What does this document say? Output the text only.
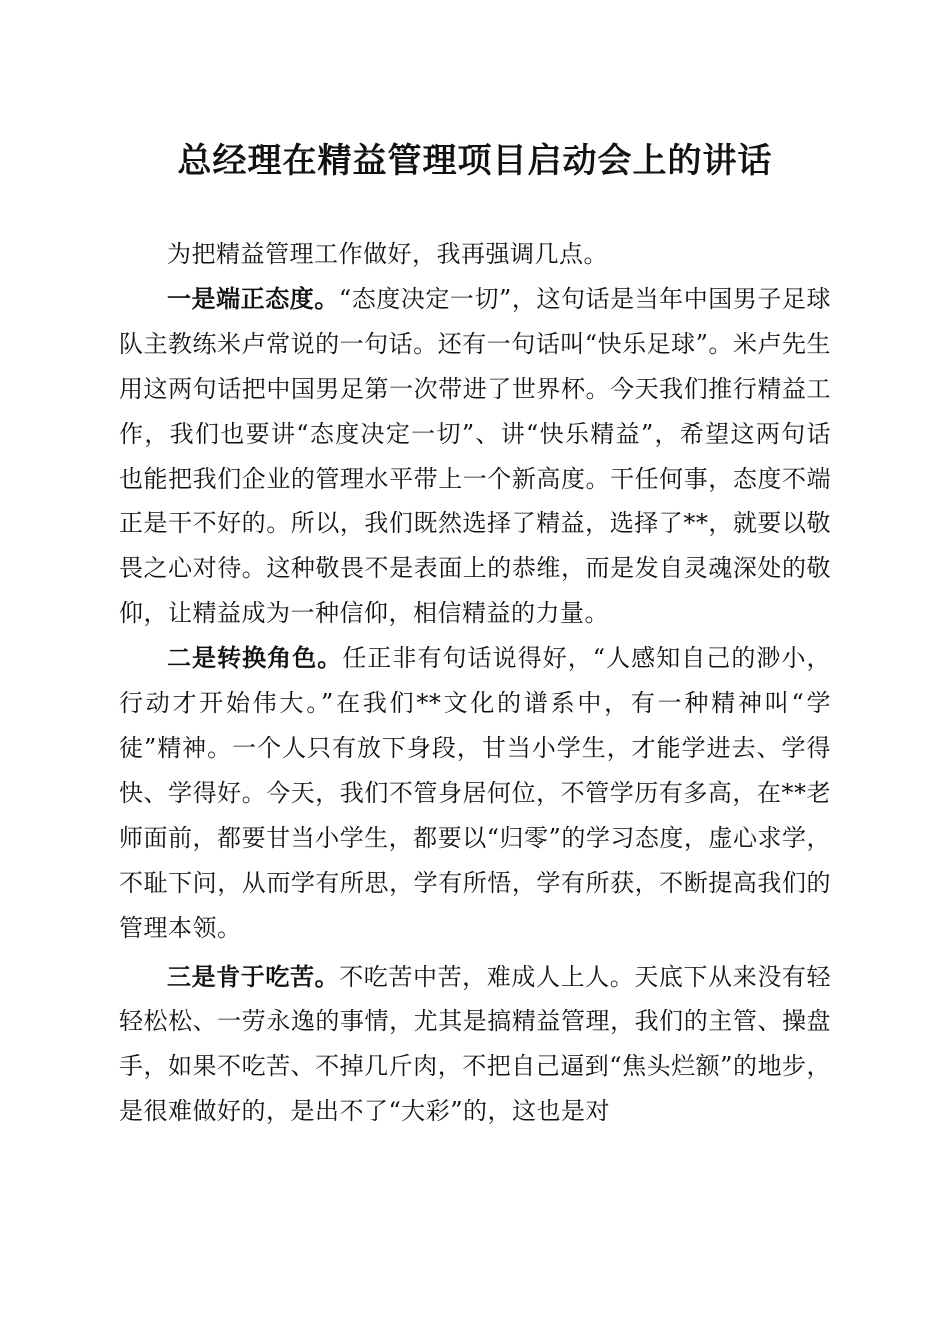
总经理在精益管理项目启动会上的讲话

为把精益管理工作做好，我再强调几点。

一是端正态度。“态度决定一切”，这句话是当年中国男子足球队主教练米卢常说的一句话。还有一句话叫“快乐足球”。米卢先生用这两句话把中国男足第一次带进了世界杯。今天我们推行精益工作，我们也要讲“态度决定一切”、讲“快乐精益”，希望这两句话也能把我们企业的管理水平带上一个新高度。干任何事，态度不端正是干不好的。所以，我们既然选择了精益，选择了**，就要以敬畏之心对待。这种敬畏不是表面上的恭维，而是发自灵魂深处的敬仰，让精益成为一种信仰，相信精益的力量。

二是转换角色。任正非有句话说得好，“人感知自己的渺小，行动才开始伟大。”在我们**文化的谱系中，有一种精神叫“学徒”精神。一个人只有放下身段，甘当小学生，才能学进去、学得快、学得好。今天，我们不管身居何位，不管学历有多高，在**老师面前，都要甘当小学生，都要以“归零”的学习态度，虚心求学，不耻下问，从而学有所思，学有所悟，学有所获，不断提高我们的管理本领。

三是肯于吃苦。不吃苦中苦，难成人上人。天底下从来没有轻轻松松、一劳永逸的事情，尤其是搞精益管理，我们的主管、操盘手，如果不吃苦、不掉几斤肉，不把自己逼到“焦头烂额”的地步，是很难做好的，是出不了“大彩”的，这也是对
